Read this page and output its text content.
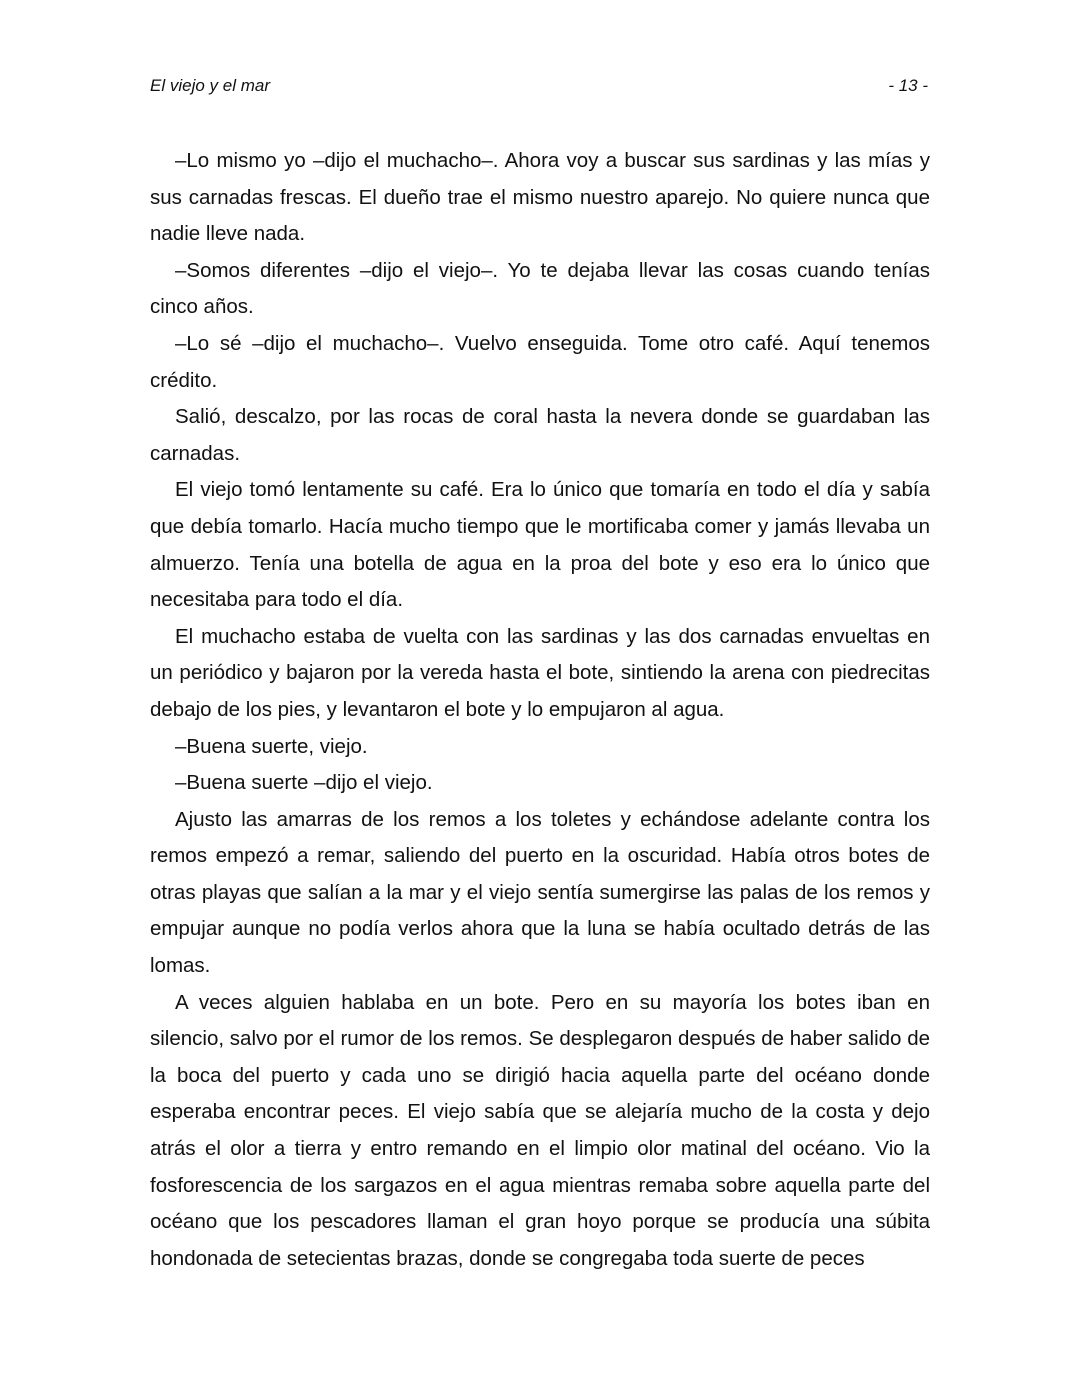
El viejo y el mar	- 13 -

–Lo mismo yo –dijo el muchacho–. Ahora voy a buscar sus sardinas y las mías y sus carnadas frescas. El dueño trae el mismo nuestro aparejo. No quiere nunca que nadie lleve nada.

–Somos diferentes –dijo el viejo–. Yo te dejaba llevar las cosas cuando tenías cinco años.

–Lo sé –dijo el muchacho–. Vuelvo enseguida. Tome otro café. Aquí tenemos crédito.

Salió, descalzo, por las rocas de coral hasta la nevera donde se guardaban las carnadas.

El viejo tomó lentamente su café. Era lo único que tomaría en todo el día y sabía que debía tomarlo. Hacía mucho tiempo que le mortificaba comer y jamás llevaba un almuerzo. Tenía una botella de agua en la proa del bote y eso era lo único que necesitaba para todo el día.

El muchacho estaba de vuelta con las sardinas y las dos carnadas envueltas en un periódico y bajaron por la vereda hasta el bote, sintiendo la arena con piedrecitas debajo de los pies, y levantaron el bote y lo empujaron al agua.

–Buena suerte, viejo.

–Buena suerte –dijo el viejo.

Ajusto las amarras de los remos a los toletes y echándose adelante contra los remos empezó a remar, saliendo del puerto en la oscuridad. Había otros botes de otras playas que salían a la mar y el viejo sentía sumergirse las palas de los remos y empujar aunque no podía verlos ahora que la luna se había ocultado detrás de las lomas.

A veces alguien hablaba en un bote. Pero en su mayoría los botes iban en silencio, salvo por el rumor de los remos. Se desplegaron después de haber salido de la boca del puerto y cada uno se dirigió hacia aquella parte del océano donde esperaba encontrar peces. El viejo sabía que se alejaría mucho de la costa y dejo atrás el olor a tierra y entro remando en el limpio olor matinal del océano. Vio la fosforescencia de los sargazos en el agua mientras remaba sobre aquella parte del océano que los pescadores llaman el gran hoyo porque se producía una súbita hondonada de setecientas brazas, donde se congregaba toda suerte de peces
